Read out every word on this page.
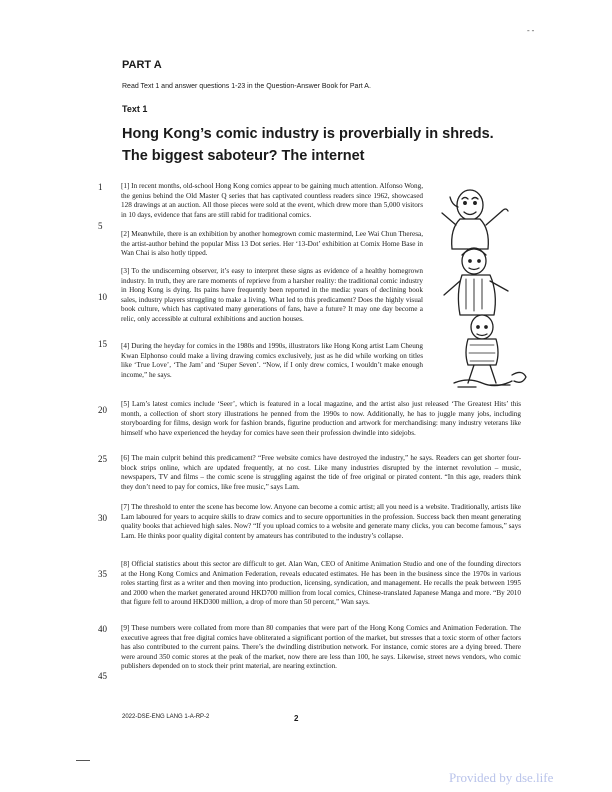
- -
PART A
Read Text 1 and answer questions 1-23 in the Question-Answer Book for Part A.
Text 1
Hong Kong’s comic industry is proverbially in shreds. The biggest saboteur? The internet
1
5
10
15
20
25
30
35
40
45

[1] In recent months, old-school Hong Kong comics appear to be gaining much attention. Alfonso Wong, the genius behind the Old Master Q series that has captivated countless readers since 1962, showcased 128 drawings at an auction. All those pieces were sold at the event, which drew more than 5,000 visitors in 10 days, evidence that fans are still rabid for traditional comics.

[2] Meanwhile, there is an exhibition by another homegrown comic mastermind, Lee Wai Chun Theresa, the artist-author behind the popular Miss 13 Dot series. Her ‘13-Dot’ exhibition at Comix Home Base in Wan Chai is also hotly tipped.

[3] To the undiscerning observer, it’s easy to interpret these signs as evidence of a healthy homegrown industry. In truth, they are rare moments of reprieve from a harsher reality: the traditional comic industry in Hong Kong is dying. Its pains have frequently been reported in the media: years of declining book sales, industry players struggling to make a living. What led to this predicament? Does the highly visual book culture, which has captivated many generations of fans, have a future? It may one day become a relic, only accessible at cultural exhibitions and auction houses.

[4] During the heyday for comics in the 1980s and 1990s, illustrators like Hong Kong artist Lam Cheung Kwan Elphonso could make a living drawing comics exclusively, just as he did while working on titles like ‘True Love’, ‘The Jam’ and ‘Super Seven’. “Now, if I only drew comics, I wouldn’t make enough income,” he says.

[5] Lam’s latest comics include ‘Seer’, which is featured in a local magazine, and the artist also just released ‘The Greatest Hits’ this month, a collection of short story illustrations he penned from the 1990s to now. Additionally, he has to juggle many jobs, including storyboarding for films, design work for fashion brands, figurine production and artwork for merchandising: many industry veterans like himself who have experienced the heyday for comics have seen their profession dwindle into sidejobs.

[6] The main culprit behind this predicament? “Free website comics have destroyed the industry,” he says. Readers can get shorter four-block strips online, which are updated frequently, at no cost. Like many industries disrupted by the internet revolution – music, newspapers, TV and films – the comic scene is struggling against the tide of free original or pirated content. “In this age, readers think they don’t need to pay for comics, like free music,” says Lam.

[7] The threshold to enter the scene has become low. Anyone can become a comic artist; all you need is a website. Traditionally, artists like Lam laboured for years to acquire skills to draw comics and to secure opportunities in the profession. Success back then meant generating quality books that achieved high sales. Now? “If you upload comics to a website and generate many clicks, you can become famous,” says Lam. He thinks poor quality digital content by amateurs has contributed to the industry’s collapse.

[8] Official statistics about this sector are difficult to get. Alan Wan, CEO of Anitime Animation Studio and one of the founding directors at the Hong Kong Comics and Animation Federation, reveals educated estimates. He has been in the business since the 1970s in various roles starting first as a writer and then moving into production, licensing, syndication, and management. He recalls the peak between 1995 and 2000 when the market generated around HKD700 million from local comics, Chinese-translated Japanese Manga and more. “By 2010 that figure fell to around HKD300 million, a drop of more than 50 percent,” Wan says.

[9] These numbers were collated from more than 80 companies that were part of the Hong Kong Comics and Animation Federation. The executive agrees that free digital comics have obliterated a significant portion of the market, but stresses that a toxic storm of other factors has also contributed to the current pains. There’s the dwindling distribution network. For instance, comic stores are a dying breed. There were around 350 comic stores at the peak of the market, now there are less than 100, he says. Likewise, street news vendors, who comic publishers depended on to stock their print material, are nearing extinction.

2022-DSE-ENG LANG 1-A-RP-2	2
Provided by dse.life
